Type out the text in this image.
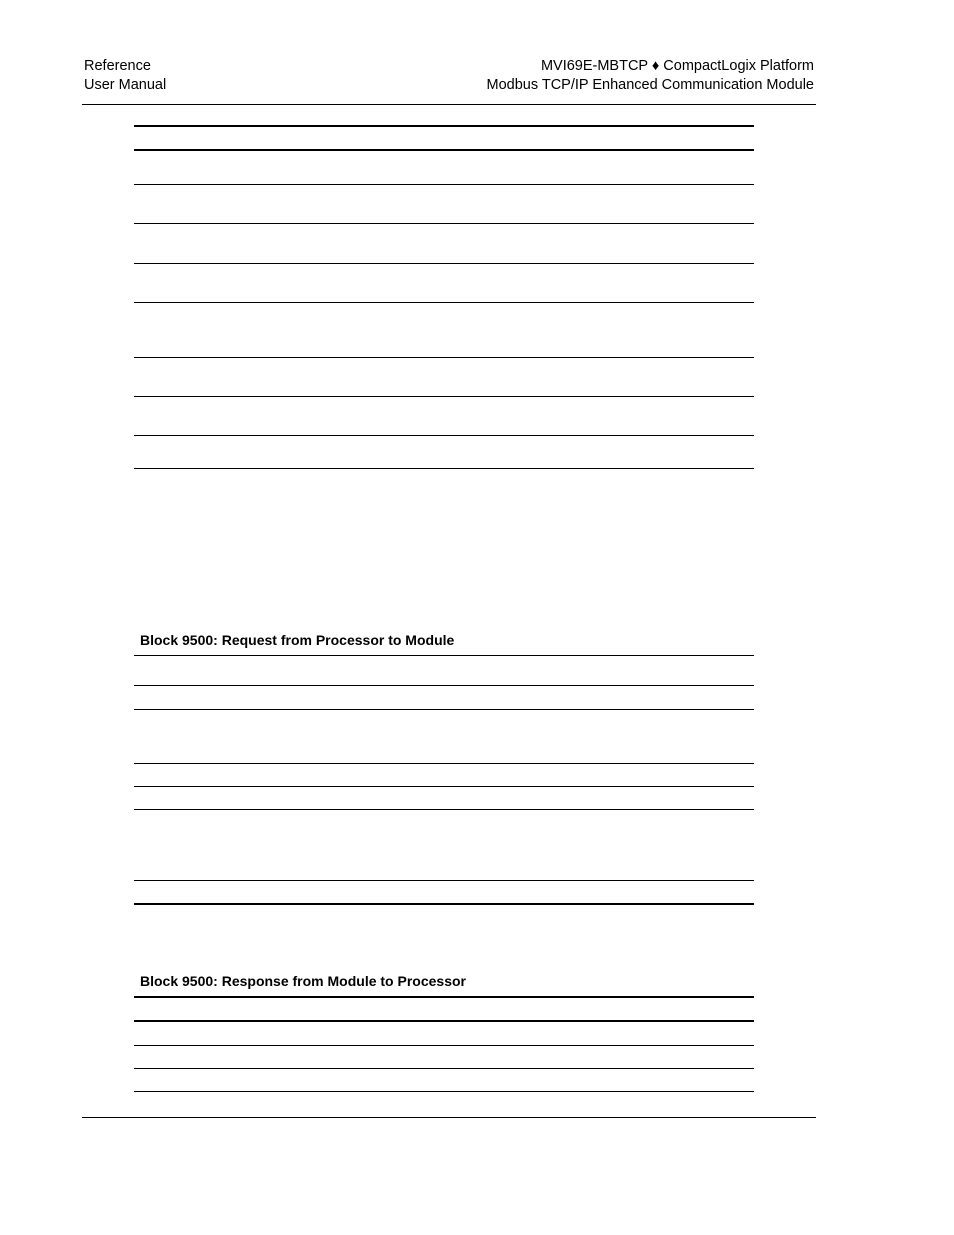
Reference
User Manual
MVI69E-MBTCP ♦ CompactLogix Platform
Modbus TCP/IP Enhanced Communication Module
Block 9500: Request from Processor to Module
Block 9500: Response from Module to Processor
